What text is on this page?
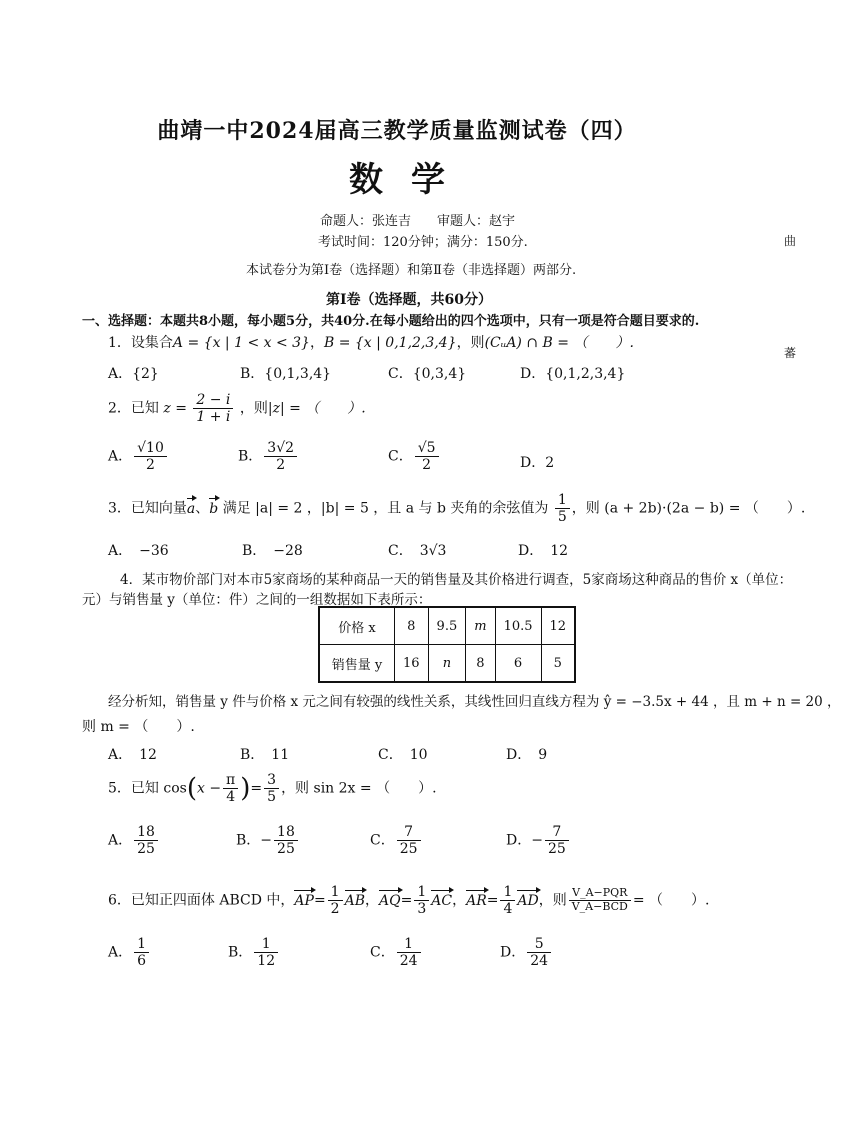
曲靖一中2024届高三教学质量监测试卷（四）
数学
命题人：张连吉　　审题人：赵宇
考试时间：120分钟；满分：150分.
本试卷分为第Ⅰ卷（选择题）和第Ⅱ卷（非选择题）两部分.
第Ⅰ卷（选择题，共60分）
一、选择题：本题共8小题，每小题5分，共40分.在每小题给出的四个选项中，只有一项是符合题目要求的.
1．设集合A = {x | 1 < x < 3}，B = {x | 0,1,2,3,4}，则(CᵤA) ∩ B = （　　）.
A．{2}	B．{0,1,3,4}	C．{0,3,4}	D．{0,1,2,3,4}
2．已知 $z = \frac{2 - i}{1 + i}$ ，则|z| = （　　）.
A． $\frac{√10}{2}$	B． $\frac{3√2}{2}$	C． $\frac{√5}{2}$	D．2
3．已知向量a、b 满足 |a| = 2 ，|b| = 5 ，且 a 与 b 夹角的余弦值为 $\frac{1}{5}$ ，则 (a + 2b)·(2a − b) = （　　）.
A．　−36	B．　−28	C．　3√3	D．　12
4．某市物价部门对本市5家商场的某种商品一天的销售量及其价格进行调查，5家商场这种商品的售价 x（单位：
元）与销售量 y（单位：件）之间的一组数据如下表所示：
价格 x	8	9.5	m	10.5	12
销售量 y	16	n	8	6	5
经分析知，销售量 y 件与价格 x 元之间有较强的线性关系，其线性回归直线方程为 ŷ = −3.5x + 44 ，且 m + n = 20 ，
则 m = （　　）.
A．　12	B．　11	C．　10	D．　9
5．已知 $\cos(x - \frac{\pi}{4}$ )= $\frac{3}{5}$ ，则 sin 2x = （　　）.
A． $\frac{18}{25}$	B．− $\frac{18}{25}$	C． $\frac{7}{25}$	D．− $\frac{7}{25}$
6．已知正四面体 ABCD 中，$AP= \frac{1}{2}$ AB，$AQ= \frac{1}{3}$ AC，$AR= \frac{1}{4}$ AD，则 $\frac{\text{V\_A−PQR}}{\text{V\_A−BCD}}$ = （　　）.
A． $\frac{1}{6}$	B． $\frac{1}{12}$	C． $\frac{1}{24}$	D． $\frac{5}{24}$
曲
蕃
